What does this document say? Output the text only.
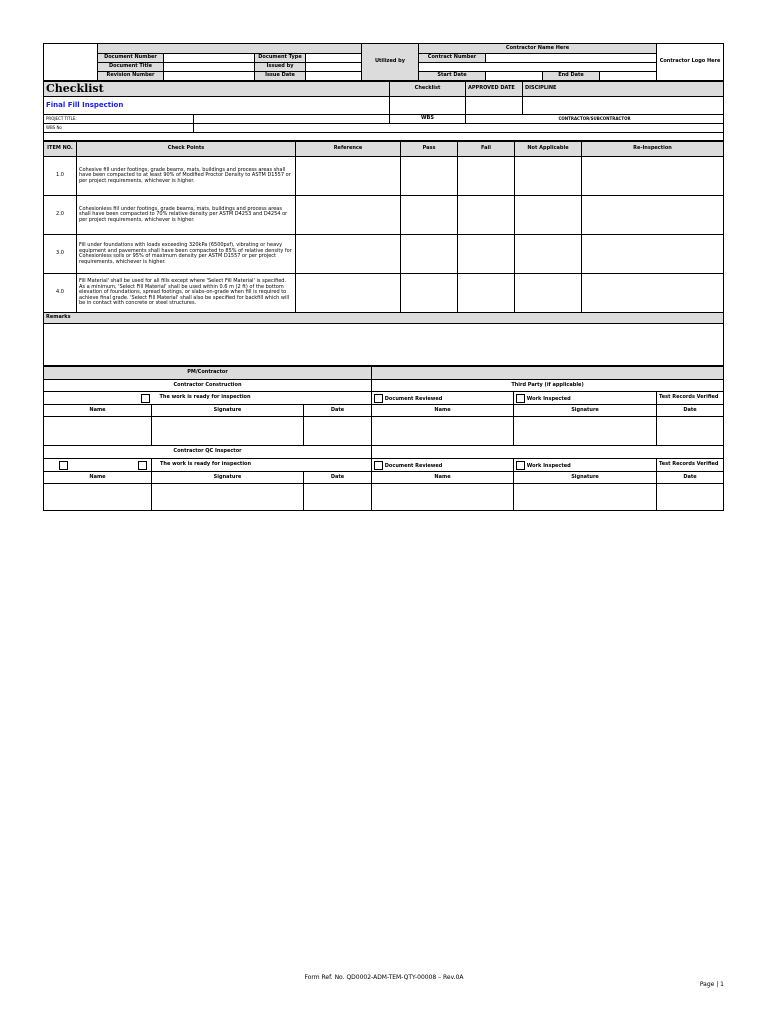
					Utilized by	Contractor Name Here				Contractor Logo Here
	Document Number		Document Type			Contract Number				
	Document Title		Issued by							
	Revision Number		Issue Date			Start Date		End Date		
Checklist		Checklist	APPROVED DATE	DISCIPLINE
Final Fill Inspection				
PROJECT TITLE:		WBS	CONTRACTOR/SUBCONTRACTOR	
WBS No				

ITEM NO.	Check Points	Reference	Pass	Fail	Not Applicable	Re-Inspection
1.0	Cohesive fill under footings, grade beams, mats, buildings and process areas shall have been compacted to at least 90% of Modified Proctor Density to ASTM D1557 or per project requirements, whichever is higher.					
2.0	Cohesionless fill under footings, grade beams, mats, buildings and process areas shall have been compacted to 70% relative density per ASTM D4253 and D4254 or per project requirements, whichever is higher.					
3.0	Fill under foundations with loads exceeding 320kPa (6500psf), vibrating or heavy equipment and pavements shall have been compacted to 85% of relative density for Cohesionless soils or 95% of maximum density per ASTM D1557 or per project requirements, whichever is higher.					
4.0	Fill Material' shall be used for all fills except where 'Select Fill Material' is specified. As a minimum, 'Select Fill Material' shall be used within 0.6 m (2 ft) of the bottom elevation of foundations, spread footings, or slabs-on-grade when fill is required to achieve final grade. 'Select Fill Material' shall also be specified for backfill which will be in contact with concrete or steel structures.					
Remarks						

PM/Contractor					
Contractor Construction			Third Party (if applicable)		
	The work is ready for inspection		Document Reviewed	Work Inspected	Test Records Verified
Name	Signature	Date	Name	Signature	Date

Contractor QC Inspector					
	The work is ready for inspection		Document Reviewed	Work Inspected	Test Records Verified
Name	Signature	Date	Name	Signature	Date

Form Ref. No. QD0002-ADM-TEM-QTY-00008 – Rev.0A
Page | 1
